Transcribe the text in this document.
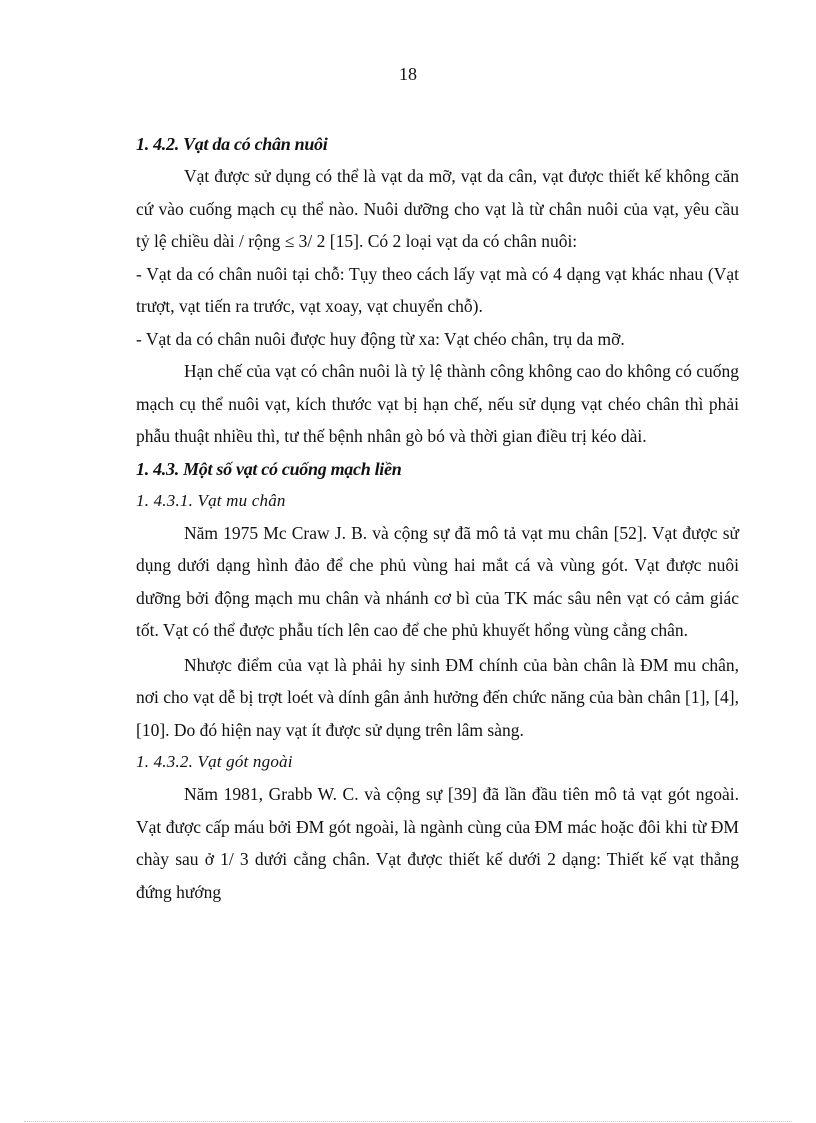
18
1. 4.2. Vạt da có chân nuôi

Vạt được sử dụng có thể là vạt da mỡ, vạt da cân, vạt được thiết kế không căn cứ vào cuống mạch cụ thể nào. Nuôi dưỡng cho vạt là từ chân nuôi của vạt, yêu cầu tỷ lệ chiều dài / rộng ≤ 3/ 2 [15]. Có 2 loại vạt da có chân nuôi:

- Vạt da có chân nuôi tại chỗ: Tụy theo cách lấy vạt mà có 4 dạng vạt khác nhau (Vạt trượt, vạt tiến ra trước, vạt xoay, vạt chuyển chỗ).

- Vạt da có chân nuôi được huy động từ xa: Vạt chéo chân, trụ da mỡ.

Hạn chế của vạt có chân nuôi là tỷ lệ thành công không cao do không có cuống mạch cụ thể nuôi vạt, kích thước vạt bị hạn chế, nếu sử dụng vạt chéo chân thì phải phẫu thuật nhiều thì, tư thế bệnh nhân gò bó và thời gian điều trị kéo dài.

1. 4.3. Một số vạt có cuống mạch liền
1. 4.3.1. Vạt mu chân

Năm 1975 Mc Craw J. B. và cộng sự đã mô tả vạt mu chân [52]. Vạt được sử dụng dưới dạng hình đảo để che phủ vùng hai mắt cá và vùng gót. Vạt được nuôi dưỡng bởi động mạch mu chân và nhánh cơ bì của TK mác sâu nên vạt có cảm giác tốt. Vạt có thể được phẫu tích lên cao để che phủ khuyết hổng vùng cẳng chân.

Nhược điểm của vạt là phải hy sinh ĐM chính của bàn chân là ĐM mu chân, nơi cho vạt dễ bị trợt loét và dính gân ảnh hưởng đến chức năng của bàn chân [1], [4], [10]. Do đó hiện nay vạt ít được sử dụng trên lâm sàng.

1. 4.3.2. Vạt gót ngoài

Năm 1981, Grabb W. C. và cộng sự [39] đã lần đầu tiên mô tả vạt gót ngoài. Vạt được cấp máu bởi ĐM gót ngoài, là ngành cùng của ĐM mác hoặc đôi khi từ ĐM chày sau ở 1/ 3 dưới cẳng chân. Vạt được thiết kế dưới 2 dạng: Thiết kế vạt thẳng đứng hướng
